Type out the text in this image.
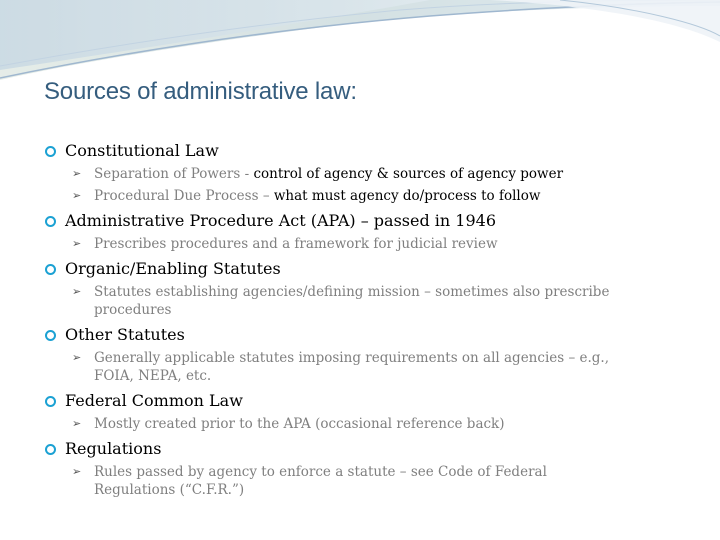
Sources of administrative law:
Constitutional Law
➢ Separation of Powers - control of agency & sources of agency power
➢ Procedural Due Process – what must agency do/process to follow
Administrative Procedure Act (APA) – passed in 1946
➢ Prescribes procedures and a framework for judicial review
Organic/Enabling Statutes
➢ Statutes establishing agencies/defining mission – sometimes also prescribe procedures
Other Statutes
➢ Generally applicable statutes imposing requirements on all agencies – e.g., FOIA, NEPA, etc.
Federal Common Law
➢ Mostly created prior to the APA (occasional reference back)
Regulations
➢ Rules passed by agency to enforce a statute – see Code of Federal Regulations (“C.F.R.”)
